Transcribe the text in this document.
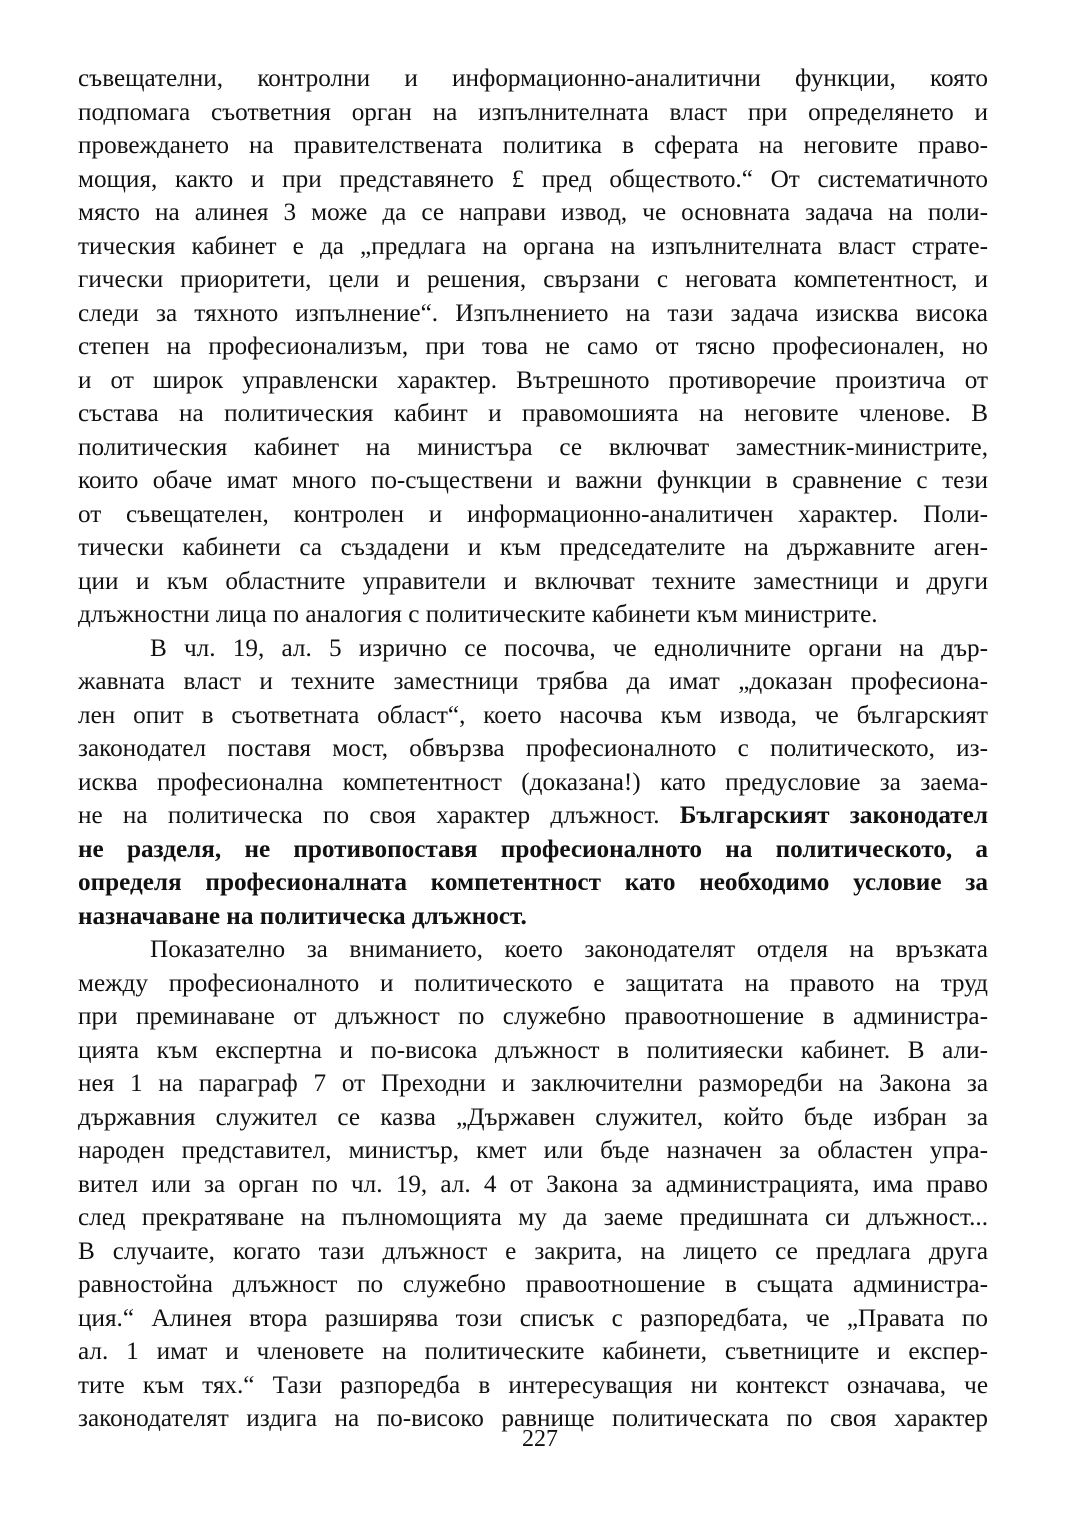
съвещателни, контролни и информационно-аналитични функции, която
подпомага съответния орган на изпълнителната власт при определянето и
провеждането на правителствената политика в сферата на неговите право-
мощия, както и при представянето £ пред обществото.“ От систематичното
място на алинея 3 може да се направи извод, че основната задача на поли-
тическия кабинет е да „предлага на органа на изпълнителната власт страте-
гически приоритети, цели и решения, свързани с неговата компетентност, и
следи за тяхното изпълнение“. Изпълнението на тази задача изисква висока
степен на професионализъм, при това не само от тясно професионален, но
и от широк управленски характер. Вътрешното противоречие произтича от
състава на политическия кабинт и правомошията на неговите членове. В
политическия кабинет на министъра се включват заместник-министрите,
които обаче имат много по-съществени и важни функции в сравнение с тези
от съвещателен, контролен и информационно-аналитичен характер. Поли-
тически кабинети са създадени и към председателите на държавните аген-
ции и към областните управители и включват техните заместници и други
длъжностни лица по аналогия с политическите кабинети към министрите.
В чл. 19, ал. 5 изрично се посочва, че едноличните органи на дър-
жавната власт и техните заместници трябва да имат „доказан професиона-
лен опит в съответната област“, което насочва към извода, че българският
законодател поставя мост, обвързва професионалното с политическото, из-
исква професионална компетентност (доказана!) като предусловие за заема-
не на политическа по своя характер длъжност. Българският законодател
не разделя, не противопоставя професионалното на политическото, а
определя професионалната компетентност като необходимо условие за
назначаване на политическа длъжност.
Показателно за вниманието, което законодателят отделя на връзката
между професионалното и политическото е защитата на правото на труд
при преминаване от длъжност по служебно правоотношение в администра-
цията към експертна и по-висока длъжност в политияески кабинет. В али-
нея 1 на параграф 7 от Преходни и заключителни разморедби на Закона за
държавния служител се казва „Държавен служител, който бъде избран за
народен представител, министър, кмет или бъде назначен за областен упра-
вител или за орган по чл. 19, ал. 4 от Закона за администрацията, има право
след прекратяване на пълномощията му да заеме предишната си длъжност...
В случаите, когато тази длъжност е закрита, на лицето се предлага друга
равностойна длъжност по служебно правоотношение в същата администра-
ция.“ Алинея втора разширява този списък с разпоредбата, че „Правата по
ал. 1 имат и членовете на политическите кабинети, съветниците и експер-
тите към тях.“ Тази разпоредба в интересуващия ни контекст означава, че
законодателят издига на по-високо равнище политическата по своя характер
227
